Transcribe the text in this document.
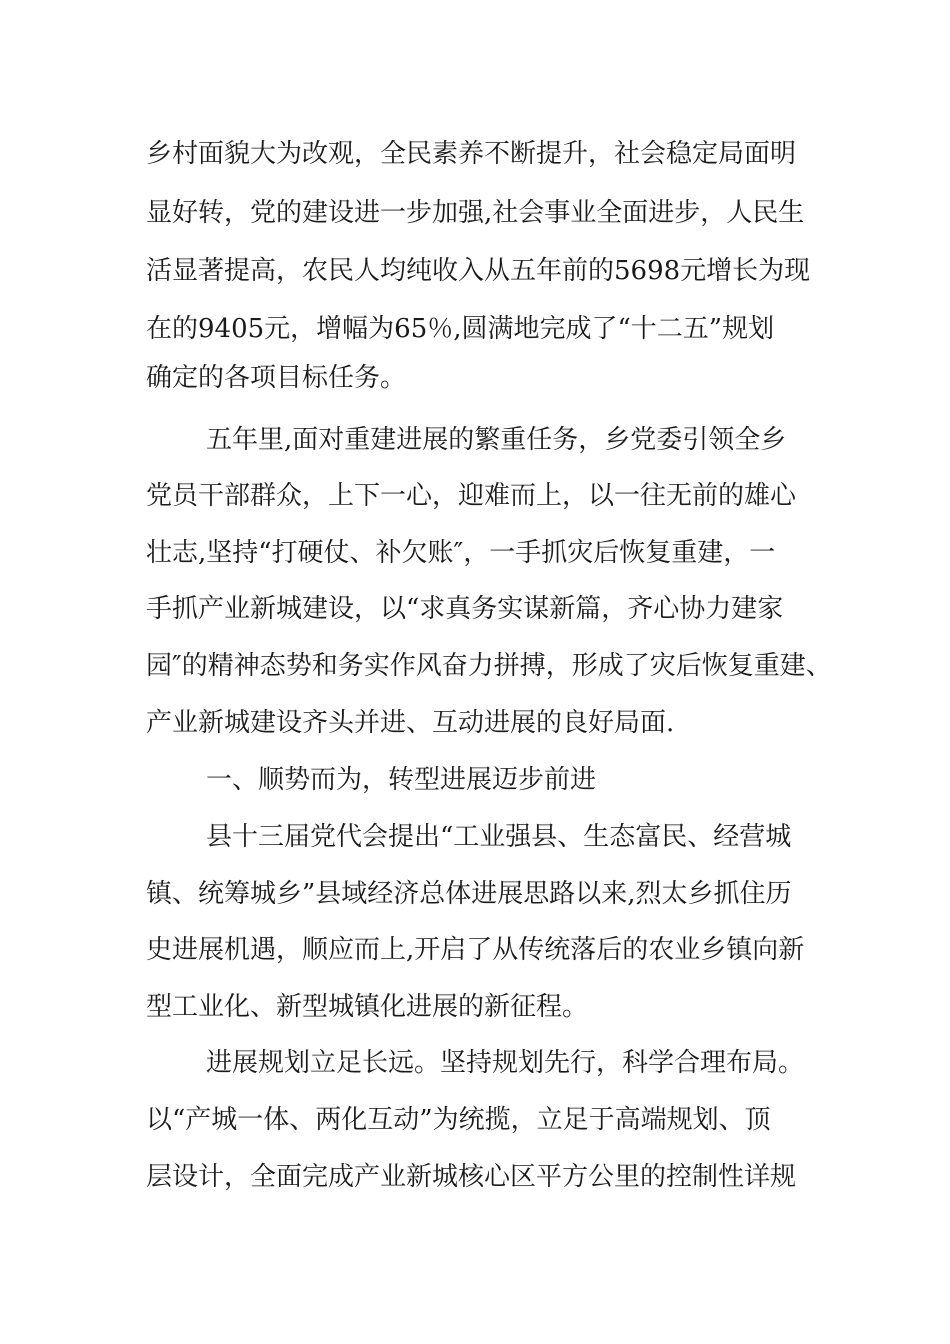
乡村面貌大为改观，全民素养不断提升，社会稳定局面明
显好转，党的建设进一步加强,社会事业全面进步，人民生
活显著提高，农民人均纯收入从五年前的5698元增长为现
在的9405元，增幅为65％,圆满地完成了“十二五”规划
确定的各项目标任务。
五年里,面对重建进展的繁重任务，乡党委引领全乡
党员干部群众，上下一心，迎难而上，以一往无前的雄心
壮志,坚持“打硬仗、补欠账″，一手抓灾后恢复重建，一
手抓产业新城建设，以“求真务实谋新篇，齐心协力建家
园″的精神态势和务实作风奋力拼搏，形成了灾后恢复重建、
产业新城建设齐头并进、互动进展的良好局面.
一、顺势而为，转型进展迈步前进
县十三届党代会提出“工业强县、生态富民、经营城
镇、统筹城乡”县域经济总体进展思路以来,烈太乡抓住历
史进展机遇，顺应而上,开启了从传统落后的农业乡镇向新
型工业化、新型城镇化进展的新征程。
进展规划立足长远。坚持规划先行，科学合理布局。
以“产城一体、两化互动”为统揽，立足于高端规划、顶
层设计，全面完成产业新城核心区平方公里的控制性详规
